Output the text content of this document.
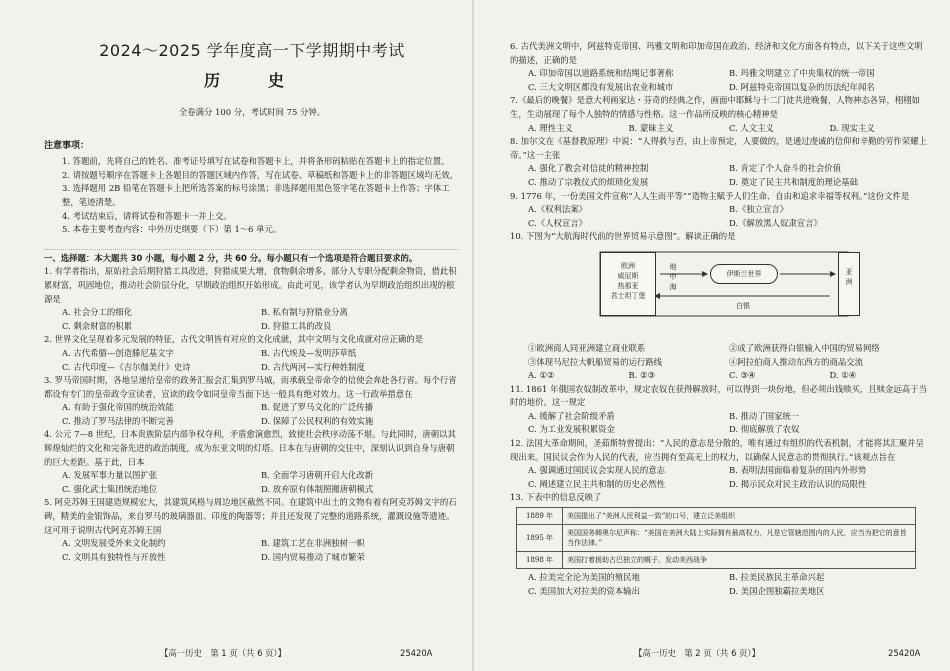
2024～2025 学年度高一下学期期中考试
历　史
全卷满分 100 分，考试时间 75 分钟。
注意事项：
1. 答题前，先将自己的姓名、准考证号填写在试卷和答题卡上，并将条形码粘贴在答题卡上的指定位置。
2. 请按题号顺序在答题卡上各题目的答题区域内作答，写在试卷、草稿纸和答题卡上的非答题区域均无效。
3. 选择题用 2B 铅笔在答题卡上把所选答案的标号涂黑；非选择题用黑色签字笔在答题卡上作答；字体工整，笔迹清楚。
4. 考试结束后，请将试卷和答题卡一并上交。
5. 本卷主要考查内容：中外历史纲要（下）第 1～6 单元。
一、选择题：本大题共 30 小题，每小题 2 分，共 60 分。每小题只有一个选项是符合题目要求的。
1. 有学者指出，原始社会后期狩猎工具改进，狩猎成果大增，食物剩余增多。部分人专职分配剩余物资，借此积累财富，巩固地位，推动社会阶层分化，早期政治组织开始形成。由此可见，该学者认为早期政治组织出现的根源是
A. 社会分工的细化	B. 私有制与狩猎业分离
C. 剩余财富的积累	D. 狩猎工具的改良
2. 世界文化呈现着多元发展的特征，古代文明皆有对应的文化成就，其中文明与文化成就对应正确的是
A. 古代希腊—创造滕尼基文字	B. 古代埃及—发明莎草纸
C. 古代印度—《吉尔伽美什》史诗	D. 古代两河—实行种姓制度
3. 罗马帝国时期，各地呈递给皇帝的政务汇报会汇集到罗马城，而承载皇帝命令的信使会奔赴各行省。每个行省都设有专门的皇帝政令宣读者，宣读的政令如同皇帝当面下达一般具有绝对效力。这一行政举措意在
A. 有助于强化帝国的统治效能	B. 促进了罗马文化的广泛传播
C. 推动了罗马法律的不断完善	D. 保障了公民权利的有效实施
4. 公元 7—8 世纪，日本贵族阶层内部争权夺利，矛盾愈演愈烈，致使社会秩序动荡不堪。与此同时，唐朝以其辉煌灿烂的文化和完备先进的政治制度，成为东亚文明的灯塔。日本在与唐朝的交往中，深刻认识到自身与唐朝的巨大差距。基于此，日本
A. 发展军事力量以图扩张	B. 全面学习唐朝开启大化改新
C. 强化武士集团统治地位	D. 放弃原有体制照搬唐朝模式
5. 阿克苏姆王国建造规模宏大，其建筑风格与周边地区截然不同。在建筑中出土的文物有着有阿克苏姆文字的石碑，精美的金银饰品，来自罗马的玻璃器皿、印度的陶器等；并且还发现了完整的道路系统，灌溉设施等遗迹。这可用于说明古代阿克苏姆王国
A. 文明发展受外来文化制约	B. 建筑工艺在非洲独树一帜
C. 文明具有独特性与开放性	D. 国内贸易推动了城市繁荣
【高一历史　第 1 页（共 6 页）】	25420A
6. 古代美洲文明中，阿兹特克帝国、玛雅文明和印加帝国在政治、经济和文化方面各有特点，以下关于这些文明的描述，正确的是
A. 印加帝国以道路系统和结绳记事著称	B. 玛雅文明建立了中央集权的统一帝国
C. 三大文明区都没有发展出农业和城市	D. 阿兹特克帝国以复杂的历法纪年闻名
7.《最后的晚餐》是意大利画家达・芬奇的经典之作，画面中耶稣与十二门徒共进晚餐，人物神态各异，栩栩如生，生动展现了每个人独特的情感与性格。这一作品所反映的核心精神是
A. 理性主义	B. 蒙昧主义	C. 人文主义	D. 现实主义
8. 加尔文在《基督教原理》中说：“人得救与否，由上帝预定，人要做的，是通过虔诚的信仰和辛勤的劳作荣耀上帝。”这一主张
A. 强化了教会对信徒的精神控制	B. 肯定了个人奋斗的社会价值
C. 推动了宗教仪式的烦琐化发展	D. 奠定了民主共和制度的理论基础
9. 1776 年，一份美国文件宣称“人人生而平等”“造物主赋予人们生命、自由和追求幸福等权利。”这份文件是
A.《权利法案》	B.《独立宣言》
C.《人权宣言》	D.《解放黑人奴隶宣言》
10. 下图为“大航海时代前的世界贸易示意图”。解读正确的是
欧洲
威尼斯
热那亚
君士坦丁堡
地
中
海
伊斯兰世界	亚
洲
白银
①欧洲商人同亚洲建立商业联系	②成了欧洲获得白银输入中国的贸易网络
③体现马尼拉大帆船贸易的运行路线	④阿拉伯商人推动东西方的商品交流
A. ①②	B. ②③	C. ③④	D. ①④
11. 1861 年俄国农奴制改革中，规定农奴在获得解放时，可以得到一块份地，但必须出钱赎买，且赎金远高于当时的地价。这一规定
A. 缓解了社会阶级矛盾	B. 推动了国家统一
C. 为工业发展积累资金	D. 彻底解放了农奴
12. 法国大革命期间，圣茹斯特曾提出：“人民的意志是分散的，唯有通过有组织的代表机制，才能将其汇聚并呈现出来。国民议会作为人民的代表，应当拥有至高无上的权力，以确保人民意志的贯彻执行。”该观点旨在
A. 强调通过国民议会实现人民的意志	B. 表明法国面临着复杂的国内外形势
C. 阐述建立民主共和制的历史必然性	D. 揭示民众对民主政治认识的局限性
13. 下表中的信息反映了
1889 年	美国提出了“美洲人民利益一致”的口号，建立泛美组织
1895 年	美国国务卿奥尔尼声称：“美国在美洲大陆上实际拥有最高权力，凡是它管辖范围内的人民，应当为把它的意旨当作法律。”
1898 年	美国打着援助古巴独立的幌子，发动美西战争
A. 拉美完全沦为美国的殖民地	B. 拉美民族民主革命兴起
C. 美国加大对拉美的资本输出	D. 美国企图独霸拉美地区
【高一历史　第 2 页（共 6 页）】	25420A
